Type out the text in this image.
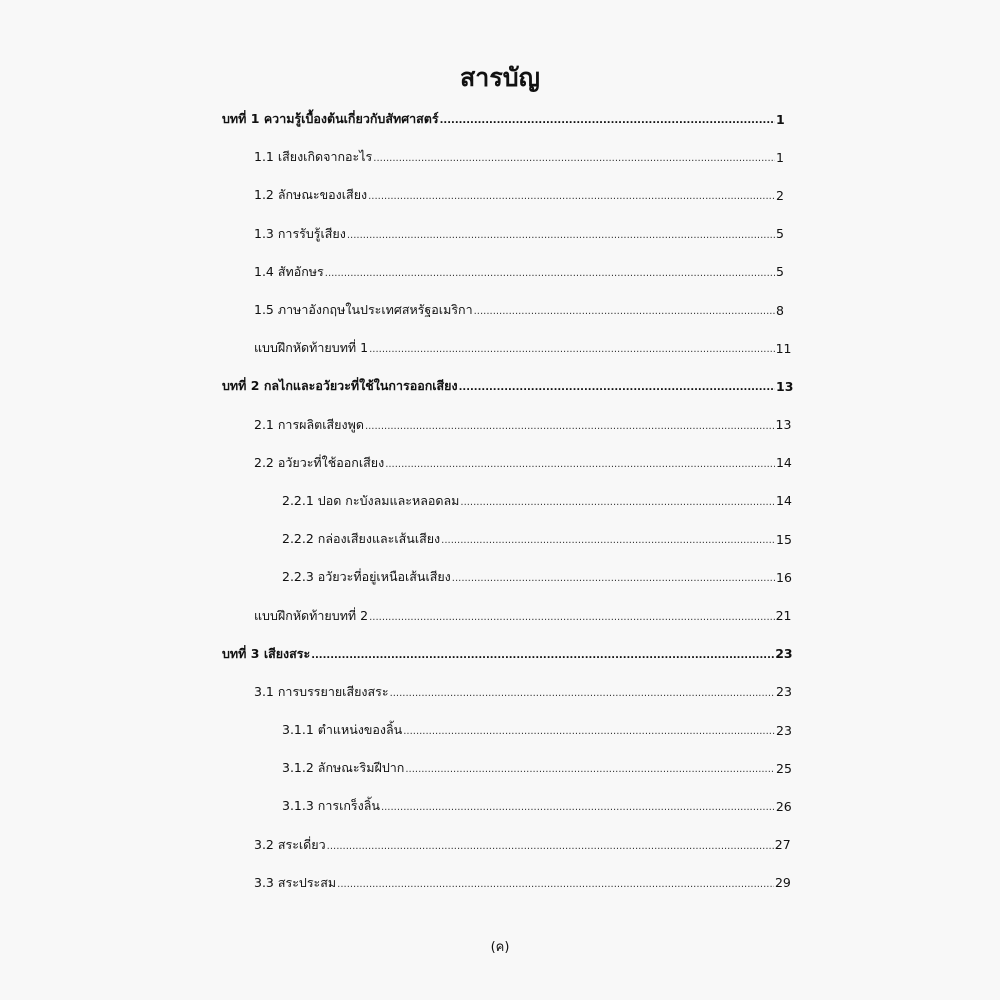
สารบัญ
บทที่ 1 ความรู้เบื้องต้นเกี่ยวกับสัทศาสตร์ .....	1
1.1 เสียงเกิดจากอะไร .....	1
1.2 ลักษณะของเสียง .....	2
1.3 การรับรู้เสียง .....	5
1.4 สัทอักษร .....	5
1.5 ภาษาอังกฤษในประเทศสหรัฐอเมริกา .....	8
แบบฝึกหัดท้ายบทที่ 1 .....	11
บทที่ 2 กลไกและอวัยวะที่ใช้ในการออกเสียง .....	13
2.1 การผลิตเสียงพูด .....	13
2.2 อวัยวะที่ใช้ออกเสียง .....	14
2.2.1 ปอด กะบังลมและหลอดลม .....	14
2.2.2 กล่องเสียงและเส้นเสียง .....	15
2.2.3 อวัยวะที่อยู่เหนือเส้นเสียง .....	16
แบบฝึกหัดท้ายบทที่ 2 .....	21
บทที่ 3 เสียงสระ .....	23
3.1 การบรรยายเสียงสระ .....	23
3.1.1 ตำแหน่งของลิ้น .....	23
3.1.2 ลักษณะริมฝีปาก .....	25
3.1.3 การเกร็งลิ้น .....	26
3.2 สระเดี่ยว .....	27
3.3 สระประสม .....	29
(ค)
